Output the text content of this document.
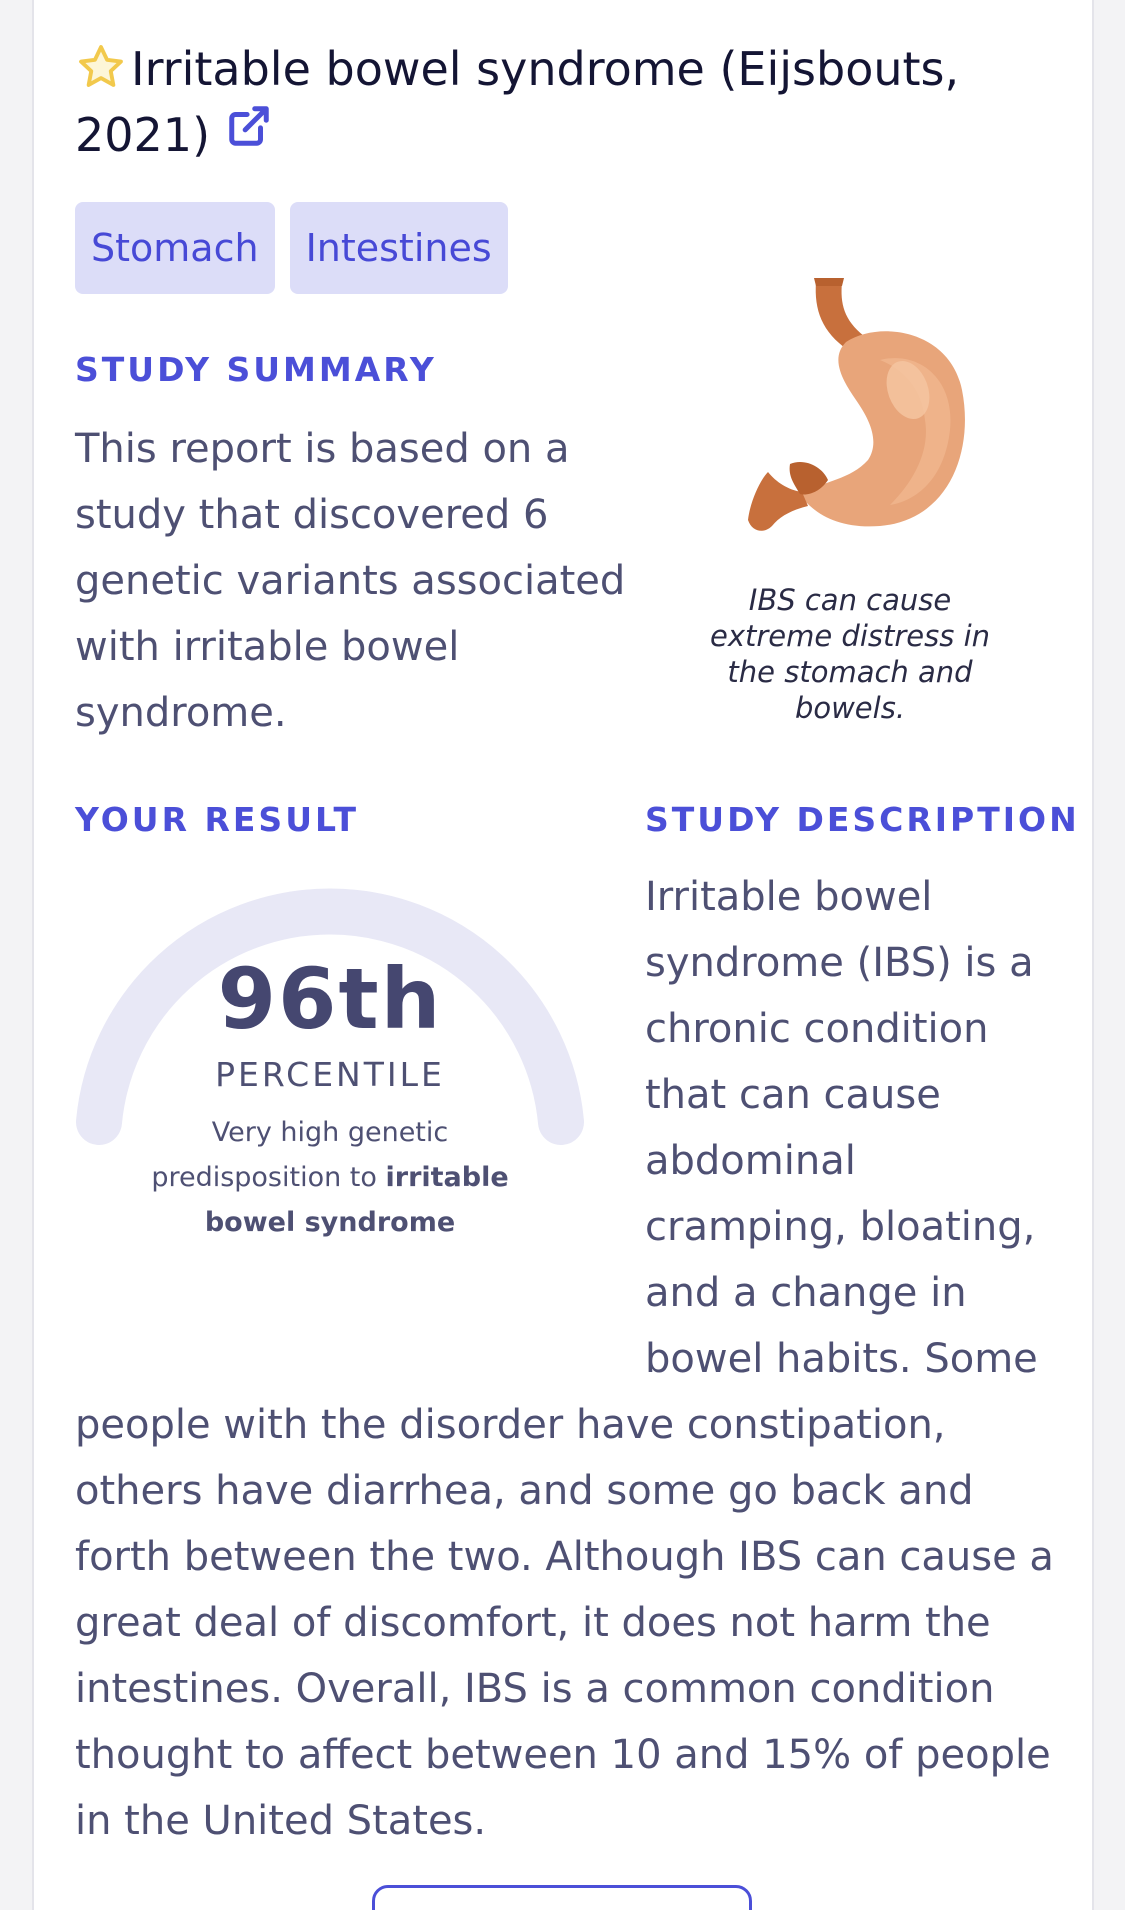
Irritable bowel syndrome (Eijsbouts, 2021)
Stomach	Intestines
STUDY SUMMARY
This report is based on a study that discovered 6 genetic variants associated with irritable bowel syndrome.
IBS can cause extreme distress in the stomach and bowels.
YOUR RESULT	STUDY DESCRIPTION
96th
PERCENTILE
Very high genetic predisposition to irritable bowel syndrome
Irritable bowel syndrome (IBS) is a chronic condition that can cause abdominal cramping, bloating, and a change in bowel habits. Some people with the disorder have constipation, others have diarrhea, and some go back and forth between the two. Although IBS can cause a great deal of discomfort, it does not harm the intestines. Overall, IBS is a common condition thought to affect between 10 and 15% of people in the United States.
